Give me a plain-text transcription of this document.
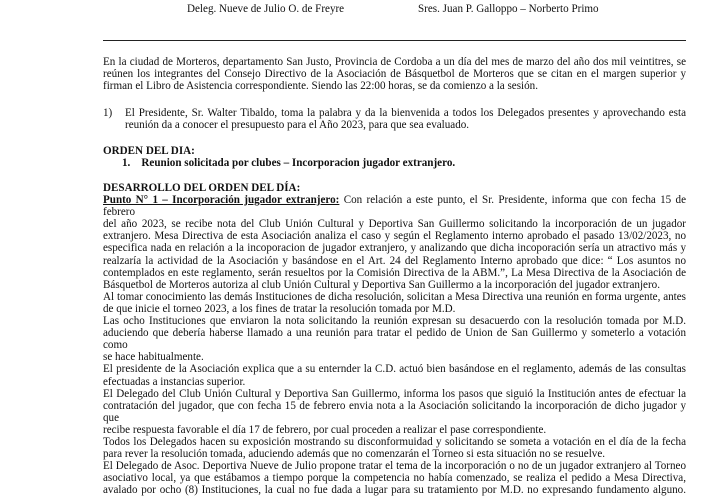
Deleg. Nueve de Julio O. de Freyre	Sres. Juan P. Galloppo – Norberto Primo
En la ciudad de Morteros, departamento San Justo, Provincia de Cordoba a un día del mes de marzo del año dos mil veintitres, se
reúnen los integrantes del Consejo Directivo de la Asociación de Básquetbol de Morteros que se citan en el margen superior y
firman el Libro de Asistencia correspondiente. Siendo las 22:00 horas, se da comienzo a la sesión.
1) El Presidente, Sr. Walter Tibaldo, toma la palabra y da la bienvenida a todos los Delegados presentes y aprovechando esta
reunión da a conocer el presupuesto para el Año 2023, para que sea evaluado.
ORDEN DEL DIA:
1. Reunion solicitada por clubes – Incorporacion jugador extranjero.
DESARROLLO DEL ORDEN DEL DÍA:
Punto N° 1 – Incorporación jugador extranjero: Con relación a este punto, el Sr. Presidente, informa que con fecha 15 de febrero
del año 2023, se recibe nota del Club Unión Cultural y Deportiva San Guillermo solicitando la incorporación de un jugador
extranjero. Mesa Directiva de esta Asociación analiza el caso y según el Reglamento interno aprobado el pasado 13/02/2023, no
especifica nada en relación a la incoporacion de jugador extranjero, y analizando que dicha incoporación sería un atractivo más y
realzaría la actividad de la Asociación y basándose en el Art. 24 del Reglamento Interno aprobado que dice: “ Los asuntos no
contemplados en este reglamento, serán resueltos por la Comisión Directiva de la ABM.”, La Mesa Directiva de la Asociación de
Básquetbol de Morteros autoriza al club Unión Cultural y Deportiva San Guillermo a la incorporación del jugador extranjero.
Al tomar conocimiento las demás Instituciones de dicha resolución, solicitan a Mesa Directiva una reunión en forma urgente, antes
de que inicie el torneo 2023, a los fines de tratar la resolución tomada por M.D.
Las ocho Instituciones que enviaron la nota solicitando la reunión expresan su desacuerdo con la resolución tomada por M.D.
aduciendo que debería haberse llamado a una reunión para tratar el pedido de Union de San Guillermo y someterlo a votación como
se hace habitualmente.
El presidente de la Asociación explica que a su enternder la C.D. actuó bien basándose en el reglamento, además de las consultas
efectuadas a instancias superior.
El Delegado del Club Unión Cultural y Deportiva San Guillermo, informa los pasos que siguió la Institución antes de efectuar la
contratación del jugador, que con fecha 15 de febrero envia nota a la Asociación solicitando la incorporación de dicho jugador y que
recibe respuesta favorable el día 17 de febrero, por cual proceden a realizar el pase correspondiente.
Todos los Delegados hacen su exposición mostrando su disconformuidad y solicitando se someta a votación en el día de la fecha
para rever la resolución tomada, aduciendo además que no comenzarán el Torneo si esta situación no se resuelve.
El Delegado de Asoc. Deportiva Nueve de Julio propone tratar el tema de la incorporación o no de un jugador extranjero al Torneo
asociativo local, ya que estábamos a tiempo porque la competencia no había comenzado, se realiza el pedido a Mesa Directiva,
avalado por ocho (8) Instituciones, la cual no fue dada a lugar para su tratamiento por M.D. no expresando fundamento alguno.
